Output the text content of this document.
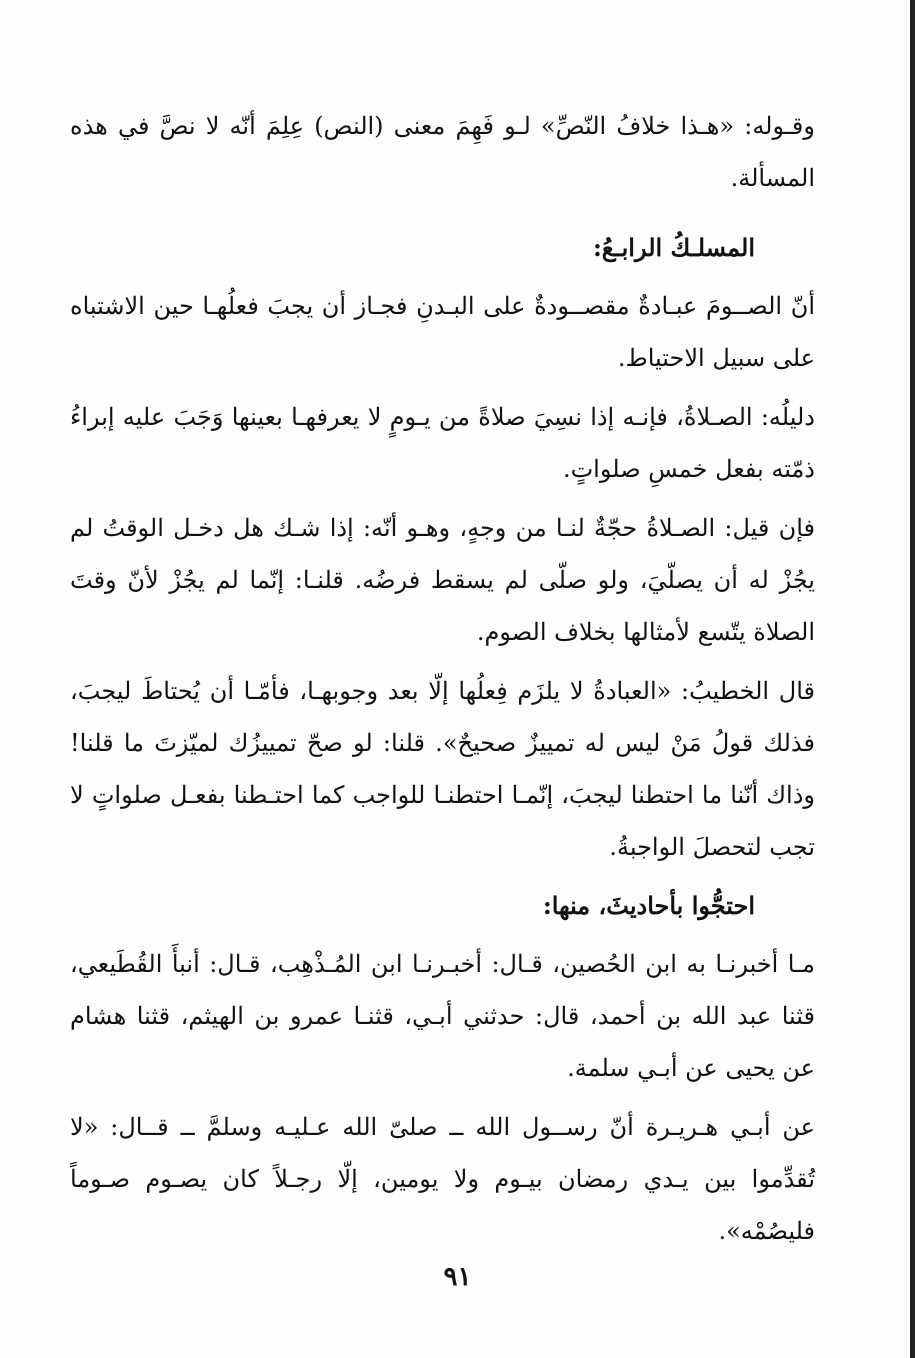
وقـوله: «هـذا خلافُ النّصِّ» لـو فَهِمَ معنى (النص) عِلِمَ أنّه لا نصَّ في هذه المسألة.

المسلـكُ الرابـعُ:

أنّ الصــومَ عبـادةٌ مقصــودةٌ على البـدنِ فجـاز أن يجبَ فعلُهـا حين الاشتباه على سبيل الاحتياط.

دليلُه: الصـلاةُ، فإنـه إذا نسِيَ صلاةً من يـومٍ لا يعرفهـا بعينها وَجَبَ عليه إبراءُ ذمّته بفعل خمسِ صلواتٍ.

فإن قيل: الصـلاةُ حجّةٌ لنـا من وجهٍ، وهـو أنّه: إذا شـك هل دخـل الوقتُ لم يجُزْ له أن يصلّيَ، ولو صلّى لم يسقط فرضُه. قلنـا: إنّما لم يجُزْ لأنّ وقتَ الصلاة يتّسع لأمثالها بخلاف الصوم.

قال الخطيبُ: «العبادةُ لا يلزَم فِعلُها إلّا بعد وجوبهـا، فأمّـا أن يُحتاطَ ليجبَ، فذلك قولُ مَنْ ليس له تمييزٌ صحيحٌ». قلنا: لو صحّ تمييزُك لميّزتَ ما قلنا! وذاك أنّنا ما احتطنا ليجبَ، إنّمـا احتطنـا للواجب كما احتـطنا بفعـل صلواتٍ لا تجب لتحصلَ الواجبةُ.

احتجُّوا بأحاديثَ، منها:

مـا أخبرنـا به ابن الحُصين، قـال: أخبـرنـا ابن المُـذْهِب، قـال: أنبأَ القُطَيعي، قثنا عبد الله بن أحمد، قال: حدثني أبـي، قثنـا عمرو بن الهيثم، قثنا هشام عن يحيى عن أبـي سلمة.

عن أبـي هـريـرة أنّ رســول الله ــ صلىّ الله عـليـه وسلمَّ ــ قــال: «لا تُقدِّموا بين يـدي رمضان بيـوم ولا يومين، إلّا رجـلاً كان يصـوم صـوماً فليصُمْه».

٩١
